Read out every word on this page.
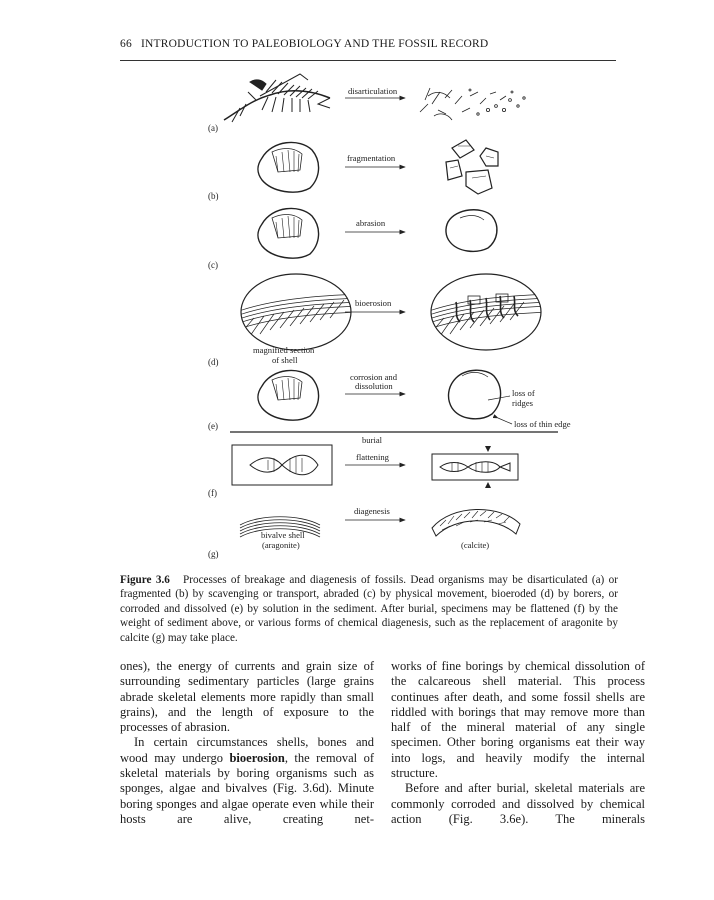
66 INTRODUCTION TO PALEOBIOLOGY AND THE FOSSIL RECORD
(a)
(b)
(c)
(d)
(e)
(f)
(g)
disarticulation
fragmentation
abrasion
magnified section
of shell
bioerosion
corrosion and
dissolution
loss of
ridges
loss of thin edge
burial
flattening
bivalve shell
(aragonite)
diagenesis
(calcite)
Figure 3.6 Processes of breakage and diagenesis of fossils. Dead organisms may be disarticulated (a) or fragmented (b) by scavenging or transport, abraded (c) by physical movement, bioeroded (d) by borers, or corroded and dissolved (e) by solution in the sediment. After burial, specimens may be flattened (f) by the weight of sediment above, or various forms of chemical diagenesis, such as the replacement of aragonite by calcite (g) may take place.

ones), the energy of currents and grain size of surrounding sedimentary particles (large grains abrade skeletal elements more rapidly than small grains), and the length of exposure to the processes of abrasion.

In certain circumstances shells, bones and wood may undergo bioerosion, the removal of skeletal materials by boring organisms such as sponges, algae and bivalves (Fig. 3.6d). Minute boring sponges and algae operate even while their hosts are alive, creating net-

works of fine borings by chemical dissolution of the calcareous shell material. This process continues after death, and some fossil shells are riddled with borings that may remove more than half of the mineral material of any single specimen. Other boring organisms eat their way into logs, and heavily modify the internal structure.

Before and after burial, skeletal materials are commonly corroded and dissolved by chemical action (Fig. 3.6e). The minerals
